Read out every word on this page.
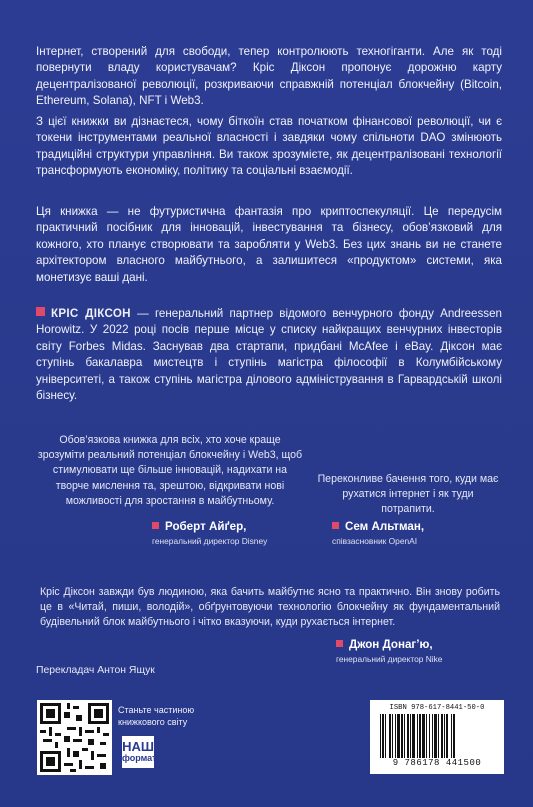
Інтернет, створений для свободи, тепер контролюють техногіганти. Але як тоді повернути владу користувачам? Кріс Діксон пропонує дорожню карту децентралізованої революції, розкриваючи справжній потенціал блокчейну (Bitcoin, Ethereum, Solana), NFT і Web3.
З цієї книжки ви дізнаєтеся, чому біткоїн став початком фінансової революції, чи є токени інструментами реальної власності і завдяки чому спільноти DAO змінюють традиційні структури управління. Ви також зрозумієте, як децентралізовані технології трансформують економіку, політику та соціальні взаємодії.
Ця книжка — не футуристична фантазія про криптоспекуляції. Це передусім практичний посібник для інновацій, інвестування та бізнесу, обов’язковий для кожного, хто планує створювати та заробляти у Web3. Без цих знань ви не станете архітектором власного майбутнього, а залишитеся «продуктом» системи, яка монетизує ваші дані.
КРІС ДІКСОН — генеральний партнер відомого венчурного фонду Andreessen Horowitz. У 2022 році посів перше місце у списку найкращих венчурних інвесторів світу Forbes Midas. Заснував два стартапи, придбані McAfee і eBay. Діксон має ступінь бакалавра мистецтв і ступінь магістра філософії в Колумбійському університеті, а також ступінь магістра ділового адміністрування в Гарвардській школі бізнесу.
Обов’язкова книжка для всіх, хто хоче краще зрозуміти реальний потенціал блокчейну і Web3, щоб стимулювати ще більше інновацій, надихати на творче мислення та, зрештою, відкривати нові можливості для зростання в майбутньому.
Переконливе бачення того, куди має рухатися інтернет і як туди потрапити.
Роберт Айґер,
генеральний директор Disney
Сем Альтман,
співзасновник OpenAI
Кріс Діксон завжди був людиною, яка бачить майбутнє ясно та практично. Він знову робить це в «Читай, пиши, володій», обґрунтовуючи технологію блокчейну як фундаментальний будівельний блок майбутнього і чітко вказуючи, куди рухається інтернет.
Джон Донаг’ю,
генеральний директор Nike
Перекладач Антон Ящук
Станьте частиною
книжкового світу
НАШ
формат
ISBN 978-617-8441-50-0
9 786178 441500
